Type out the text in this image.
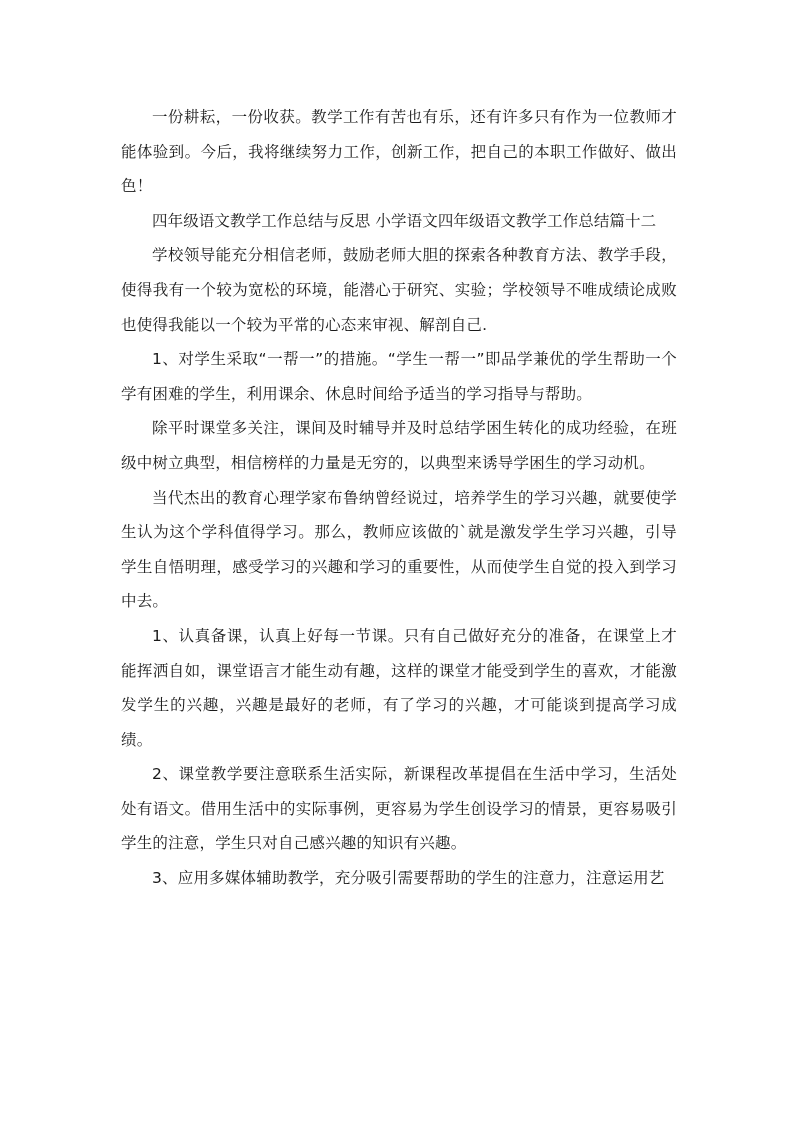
一份耕耘，一份收获。教学工作有苦也有乐，还有许多只有作为一位教师才能体验到。今后，我将继续努力工作，创新工作，把自己的本职工作做好、做出色！

四年级语文教学工作总结与反思 小学语文四年级语文教学工作总结篇十二

学校领导能充分相信老师，鼓励老师大胆的探索各种教育方法、教学手段，使得我有一个较为宽松的环境，能潜心于研究、实验；学校领导不唯成绩论成败也使得我能以一个较为平常的心态来审视、解剖自己.

1、对学生采取“一帮一”的措施。“学生一帮一”即品学兼优的学生帮助一个学有困难的学生，利用课余、休息时间给予适当的学习指导与帮助。

除平时课堂多关注，课间及时辅导并及时总结学困生转化的成功经验，在班级中树立典型，相信榜样的力量是无穷的，以典型来诱导学困生的学习动机。

当代杰出的教育心理学家布鲁纳曾经说过，培养学生的学习兴趣，就要使学生认为这个学科值得学习。那么，教师应该做的`就是激发学生学习兴趣，引导学生自悟明理，感受学习的兴趣和学习的重要性，从而使学生自觉的投入到学习中去。

1、认真备课，认真上好每一节课。只有自己做好充分的准备，在课堂上才能挥洒自如，课堂语言才能生动有趣，这样的课堂才能受到学生的喜欢，才能激发学生的兴趣，兴趣是最好的老师，有了学习的兴趣，才可能谈到提高学习成绩。

2、课堂教学要注意联系生活实际，新课程改革提倡在生活中学习，生活处处有语文。借用生活中的实际事例，更容易为学生创设学习的情景，更容易吸引学生的注意，学生只对自己感兴趣的知识有兴趣。

3、应用多媒体辅助教学，充分吸引需要帮助的学生的注意力，注意运用艺
